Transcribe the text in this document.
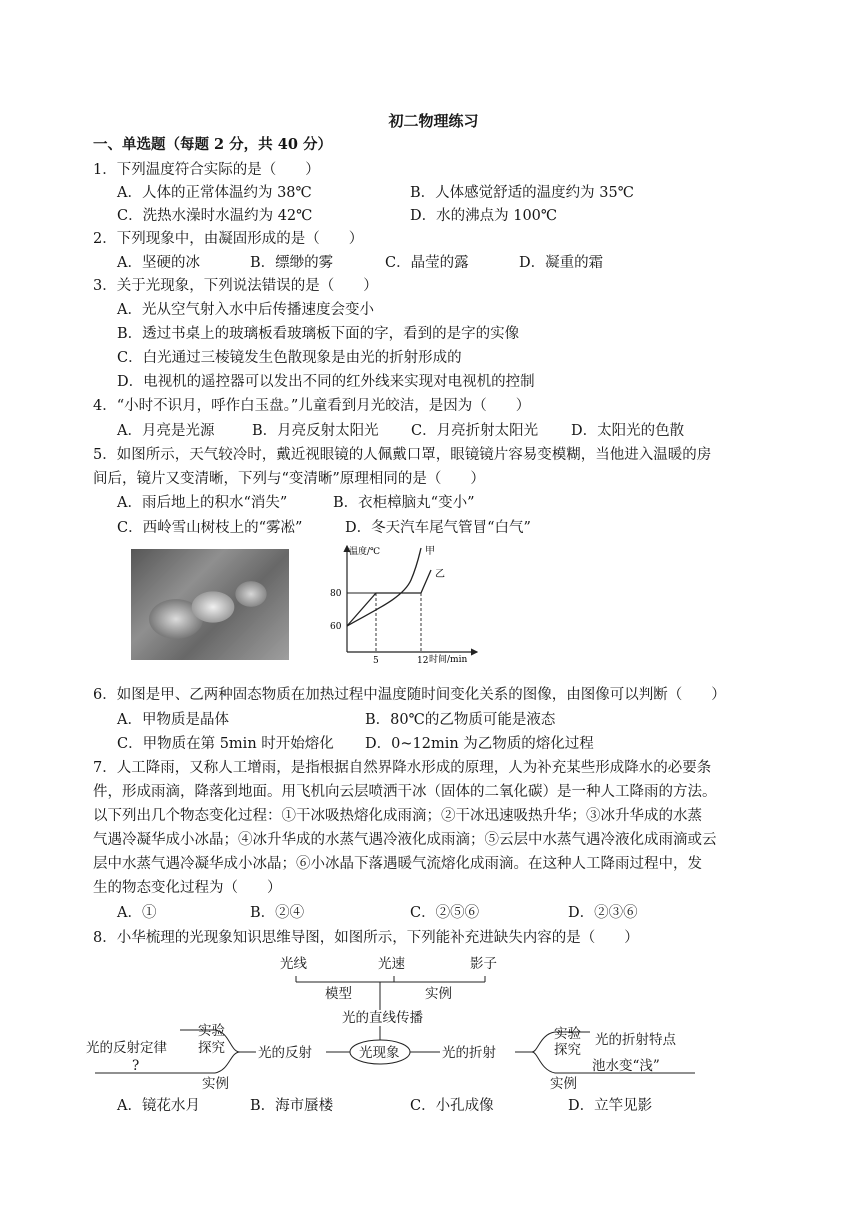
初二物理练习
一、单选题（每题 2 分，共 40 分）
1．下列温度符合实际的是（　　）
A．人体的正常体温约为 38℃	B．人体感觉舒适的温度约为 35℃
C．洗热水澡时水温约为 42℃	D．水的沸点为 100℃
2．下列现象中，由凝固形成的是（　　）
A．坚硬的冰	B．缥缈的雾	C．晶莹的露	D．凝重的霜
3．关于光现象，下列说法错误的是（　　）
A．光从空气射入水中后传播速度会变小
B．透过书桌上的玻璃板看玻璃板下面的字，看到的是字的实像
C．白光通过三棱镜发生色散现象是由光的折射形成的
D．电视机的遥控器可以发出不同的红外线来实现对电视机的控制
4．“小时不识月，呼作白玉盘。”儿童看到月光皎洁，是因为（　　）
A．月亮是光源	B．月亮反射太阳光 C．月亮折射太阳光 D．太阳光的色散
5．如图所示，天气较冷时，戴近视眼镜的人佩戴口罩，眼镜镜片容易变模糊，当他进入温暖的房
间后，镜片又变清晰，下列与“变清晰”原理相同的是（　　）
A．雨后地上的积水“消失”	B．衣柜樟脑丸“变小”
C．西岭雪山树枝上的“雾凇”	D．冬天汽车尾气管冒“白气”
温度/℃
时间/min
60
80
5	12
甲
乙
6．如图是甲、乙两种固态物质在加热过程中温度随时间变化关系的图像，由图像可以判断（　　）
A．甲物质是晶体	B．80℃的乙物质可能是液态
C．甲物质在第 5min 时开始熔化 D．0~12min 为乙物质的熔化过程
7．人工降雨，又称人工增雨，是指根据自然界降水形成的原理，人为补充某些形成降水的必要条
件，形成雨滴，降落到地面。用飞机向云层喷洒干冰（固体的二氧化碳）是一种人工降雨的方法。
以下列出几个物态变化过程：①干冰吸热熔化成雨滴；②干冰迅速吸热升华；③冰升华成的水蒸
气遇冷凝华成小冰晶；④冰升华成的水蒸气遇冷液化成雨滴；⑤云层中水蒸气遇冷液化成雨滴或云
层中水蒸气遇冷凝华成小冰晶；⑥小冰晶下落遇暖气流熔化成雨滴。在这种人工降雨过程中，发
生的物态变化过程为（　　）
A．①	B．②④	C．②⑤⑥	D．②③⑥
8．小华梳理的光现象知识思维导图，如图所示，下列能补充进缺失内容的是（　　）
光线	光速	影子
模型	实例
光的直线传播
光现象
光的反射	光的折射
实验
探究
光的反射定律
?
实例
实验
探究
光的折射特点
池水变“浅”
实例
A．镜花水月	B．海市蜃楼	C．小孔成像	D．立竿见影
